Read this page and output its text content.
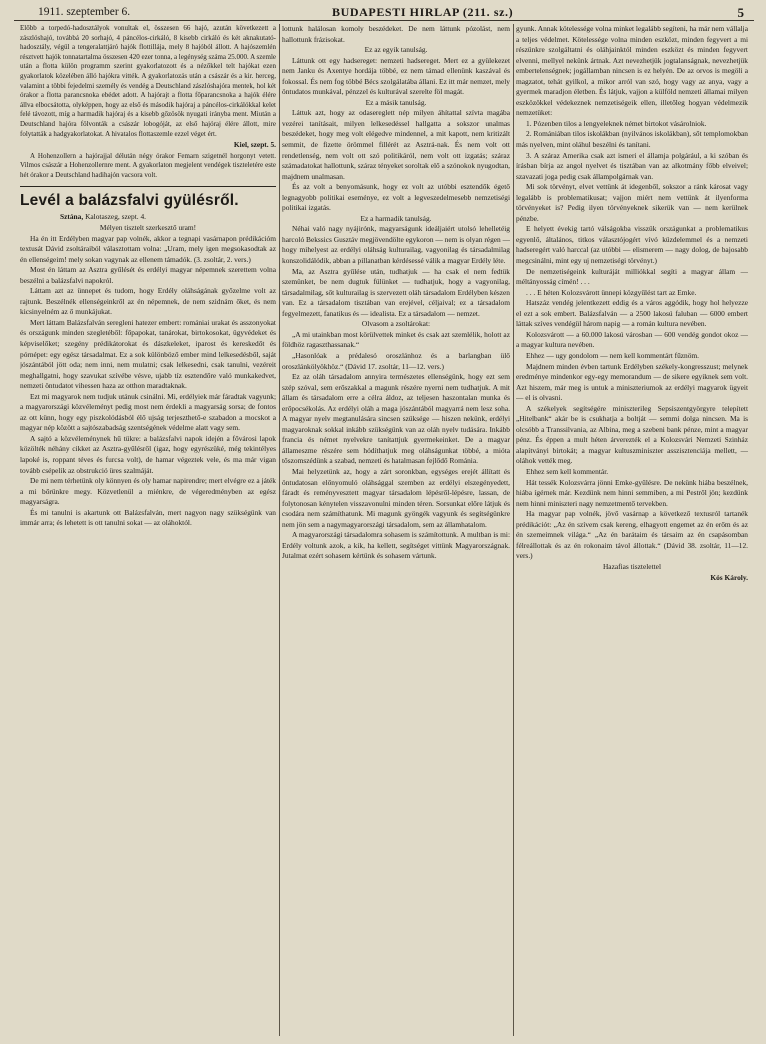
1911. szeptember 6.	BUDAPESTI HIRLAP (211. sz.)	5

Előbb a torpedó-hadosztályok vonultak el, összesen 66 hajó, azután következett a zászlóshajó, továbbá 20 sorhajó, 4 páncélos-cirkáló, 8 kisebb cirkáló és két aknakutató-hadosztály, végül a tengeralattjáró hajók flottillája, mely 8 hajóból állott. A hajószemlén résztvett hajók tonnatartalma összesen 420 ezer tonna, a legénység száma 25.000. A szemle után a flotta külön programm szerint gyakorlatozott és a nézőkkel telt hajókat ezen gyakorlatok közelében álló hajókra vitték. A gyakorlatozás után a császár és a kir. herceg, valamint a többi fejedelmi személy és vendég a Deutschland zászlóshajóra mentek, hol két órakor a flotta parancsnoka ebédet adott. A hajórajt a flotta főparancsnoka a hajók élére állva elbocsátotta, olyképpen, hogy az első és második hajóraj a páncélos-cirkálókkal kelet felé távozott, míg a harmadik hajóraj és a kisebb gőzösök nyugati irányba ment. Miután a Deutschland hajóra fölvonták a császár lobogóját, az első hajóraj élére állott, mire folytatták a hadgyakorlatokat. A hivatalos flottaszemle ezzel véget ért.

Kiel, szept. 5.

A Hohenzollern a hajórajjal délután négy órakor Femarn szigetnél horgonyt vetett. Vilmos császár a Hohenzollernre ment. A gyakorlaton megjelent vendégek tiszteletére este hét órakor a Deutschland hadihajón vacsora volt.

Levél a balázsfalvi gyülésről.

Sztána, Kalotaszeg, szept. 4.

Mélyen tisztelt szerkesztő uram!

Ha én itt Erdélyben magyar pap volnék, akkor a tegnapi vasárnapon prédikációm textusát Dávid zsoltáraiból választottam volna: „Uram, mely igen megsokasodtak az én ellenségeim! mely sokan vagynak az ellenem támadók. (3. zsoltár, 2. vers.)

Most én láttam az Asztra gyűlését és erdélyi magyar népemnek szerettem volna beszélni a balázsfalvi napokról.

Láttam azt az ünnepet és tudom, hogy Erdély oláhságának győzelme volt az rajtunk. Beszélnék ellenségeinkről az én népemnek, de nem szidnám őket, és nem kicsinyelném az ő munkájukat.

Mert láttam Balázsfalván seregleni hatezer embert: romániai urakat és asszonyokat és országunk minden szegletéből: főpapokat, tanárokat, birtokosokat, ügyvédeket és képviselőket; szegény prédikátorokat és dászkeleket, iparost és kereskedőt és pórnépet: egy egész társadalmat. Ez a sok különböző ember mind lelkesedésből, saját jószántából jött oda; nem inni, nem mulatni; csak lelkesedni, csak tanulni, vezéreit meghallgatni, hogy szavukat szívébe vésve, ujabb tíz esztendőre való munkakedvet, nemzeti öntudatot vihessen haza az otthon maradtaknak.

Ezt mi magyarok nem tudjuk utánuk csinálni. Mi, erdélyiek már fáradtak vagyunk; a magyarországi közvéleményt pedig most nem érdekli a magyarság sorsa; de fontos az ott künn, hogy egy piszkolódásból élő ujság terjeszthető-e szabadon a mocskot a magyar nép között a sajtószabadság szentségének védelme alatt vagy sem.

A sajtó a közvéleménynek hű tükre: a balázsfalvi napok idején a fővárosi lapok közölték néhány cikket az Asztra-gyűlésről (igaz, hogy egyrészüké, még tekintélyes lapoké is, roppant téves és furcsa volt), de hamar végeztek vele, és ma már vigan tovább csépelik az obstrukció üres szalmáját.

De mi nem térhetünk oly könnyen és oly hamar napirendre; mert elvégre ez a játék a mi bőrünkre megy. Közvetlenül a miénkre, de végeredményben az egész magyarságra.

És mi tanulni is akartunk ott Balázsfalván, mert nagyon nagy szükségünk van immár arra; és lehetett is ott tanulni sokat — az oláhoktól.

lottunk halálosan komoly beszédeket. De nem láttunk pózolást, nem hallottunk frázisokat.

Ez az egyik tanulság.

Láttunk ott egy hadsereget: nemzeti hadsereget. Mert ez a gyülekezet nem Janku és Axentye hordája többé, ez nem támad ellenünk kaszával és fokossal. És nem fog többé Bécs szolgálatába állani. Ez itt már nemzet, mely öntudatos munkával, pénzzel és kulturával szerelte föl magát.

Ez a másik tanulság.

Láttuk azt, hogy az odasereglett nép milyen áhítattal szívta magába vezérei tanításait, milyen lelkesedéssel hallgatta a sokszor unalmas beszédeket, hogy meg volt elégedve mindennel, a mit kapott, nem kritizált semmit, de fizette örömmel fillérét az Asztrá-nak. És nem volt ott rendetlenség, nem volt ott szó politikáról, nem volt ott izgatás; száraz számadatokat hallottunk, száraz tényeket soroltak elő a szónokok nyugodtan, majdnem unalmasan.

És az volt a benyomásunk, hogy ez volt az utóbbi esztendők égető legnagyobb politikai eseménye, ez volt a legveszedelmesebb nemzetiségi politikai izgatás.

Ez a harmadik tanulság.

Néhai való nagy nyájirónk, magyarságunk ideáljaiért utolsó lehelletéig harcoló Bekssics Gusztáv megjövendölte egykoron — nem is olyan régen — hogy mihelyest az erdélyi oláhság kulturailag, vagyonilag és társadalmilag konszolidálódik, abban a pillanatban kérdésessé válik a magyar Erdély léte.

Ma, az Asztra gyűlése után, tudhatjuk — ha csak el nem fedtük szemünket, be nem dugtuk fülünket — tudhatjuk, hogy a vagyonilag, társadalmilag, sőt kulturailag is szervezett oláh társadalom Erdélyben készen van. Ez a társadalom tisztában van erejével, céljaival; ez a társadalom fegyelmezett, fanatikus és — idealista. Ez a társadalom — nemzet.

Olvasom a zsoltárokat:

„A mi utainkban most körülvettek minket és csak azt szemlélik, holott az földhöz ragaszthassanak.“

„Hasonlóak a prédalesó oroszlánhoz és a barlangban ülő oroszlánkölyökhöz.“ (Dávid 17. zsoltár, 11—12. vers.)

Ez az oláh társadalom annyira természetes ellenségünk, hogy ezt sem szép szóval, sem erőszakkal a magunk részére nyerni nem tudhatjuk. A mit állam és társadalom erre a célra áldoz, az teljesen haszontalan munka és erőpocsékolás. Az erdélyi oláh a maga jószántából magyarrá nem lesz soha. A magyar nyelv megtanulására sincsen szüksége — hiszen nekünk, erdélyi magyaroknak sokkal inkább szükségünk van az oláh nyelv tudására. Inkább francia és német nyelvekre tanítattjuk gyermekeinket. De a magyar állameszme részére sem hódíthatjuk meg oláhságunkat többé, a mióta tőszomszédünk a szabad, nemzeti és hatalmasan fejlődő Románia.

Mai helyzetünk az, hogy a zárt soronkban, egységes erejét állítatt és öntudatosan előnyomuló oláhsággal szemben az erdélyi elszegényedett, fáradt és reményvesztett magyar társadalom lépésről-lépésre, lassan, de folytonosan kénytelen visszavonulni minden téren. Sorsunkat előre látjuk és csodára nem számíthatunk. Mi magunk gyöngék vagyunk és segítségünkre nem jön sem a nagymagyarországi társadalom, sem az államhatalom.

A magyarországi társadalomra sohasem is számítottunk. A multban is mi: Erdély voltunk azok, a kik, ha kellett, segítséget vittünk Magyarországnak. Jutalmat ezért sohasem kértünk és sohasem vártunk.

gyunk. Annak kötelessége volna minket legalább segíteni, ha már nem vállalja a teljes védelmet. Kötelessége volna minden eszközt, minden fegyvert a mi részünkre szolgáltatni és oláhjainktól minden eszközt és minden fegyvert elvenni, mellyel nekünk ártnak. Azt nevezhetjük jogtalanságnak, nevezhetjük embertelenségnek; jogállamban nincsen is ez helyén. De az orvos is megöli a magzatot, tehát gyilkol, a mikor arról van szó, hogy vagy az anya, vagy a gyermek maradjon életben. És látjuk, vajjon a külföld nemzeti államai milyen eszközökkel védekeznek nemzetiségeik ellen, illetőleg hogyan védelmezik nemzetüket:

1. Pózenben tilos a lengyeleknek német birtokot vásárolniok.

2. Romániában tilos iskolákban (nyilvános iskolákban), sőt templomokban más nyelven, mint oláhul beszélni és tanítani.

3. A száraz Amerika csak azt ismeri el államja polgárául, a ki szóban és írásban bírja az angol nyelvet és tisztában van az alkotmány főbb elveivel; szavazati joga pedig csak állampolgárnak van.

Mi sok törvényt, elvet vettünk át idegenből, sokszor a ránk károsat vagy legalább is problematikusat; vajjon miért nem vettünk át ilyenforma törvényeket is? Pedig ilyen törvényeknek sikerük van — nem kerülnek pénzbe.

E helyett évekig tartó válságokba visszük országunkat a problematikus egyenlő, általános, titkos választójogért vívó küzdelemmel és a nemzeti hadseregért való harccal (az utóbbi — elismerem — nagy dolog, de bajosabb megcsinálni, mint egy uj nemzetiségi törvényt.)

De nemzetiségeink kulturáját milliókkal segíti a magyar állam — méltányosság címén! . . .

. . . E héten Kolozsvárott ünnepi közgyűlést tart az Emke.

Hatszáz vendég jelentkezett eddig és a város aggódik, hogy hol helyezze el ezt a sok embert. Balázsfalván — a 2500 lakosú faluban — 6000 embert láttak szíves vendégül három napig — a román kultura nevében.

Kolozsvárott — a 60.000 lakosú városban — 600 vendég gondot okoz — a magyar kultura nevében.

Ehhez — ugy gondolom — nem kell kommentárt fűznöm.

Majdnem minden évben tartunk Erdélyben székely-kongresszust; melynek eredménye mindenkor egy-egy memorandum — de sikere egyiknek sem volt. Azt hiszem, már meg is untuk a miniszteriumok az erdélyi magyarok ügyeit — el is olvasni.

A székelyek segítségére miniszterileg Sepsiszentgyörgyre telepített „Hitelbank“ akár be is csukhatja a boltját — semmi dolga nincsen. Ma is olcsóbb a Transsilvania, az Albina, meg a szebeni bank pénze, mint a magyar pénz. És éppen a mult héten árverezték el a Kolozsvári Nemzeti Szinház alapítványi birtokát; a magyar kultuszminiszter asszisztenciája mellett, — oláhok vették meg.

Ehhez sem kell kommentár.

Hát tessék Kolozsvárra jönni Emke-gyűlésre. De nekünk hiába beszélnek, hiába ígérnek már. Kezdünk nem hinni semmiben, a mi Pestről jön; kezdünk nem hinni miniszteri nagy nemzetmentő tervekben.

Ha magyar pap volnék, jövő vasárnap a következő textusról tartanék prédikációt: „Az én szívem csak kereng, elhagyott engemet az én erőm és az én szemeimnek világa.“ „Az én barátaim és társaim az én csapásomban félreállottak és az én rokonaim távol állottak.“ (Dávid 38. zsoltár, 11—12. vers.)

Hazafias tisztelettel

Kós Károly.
